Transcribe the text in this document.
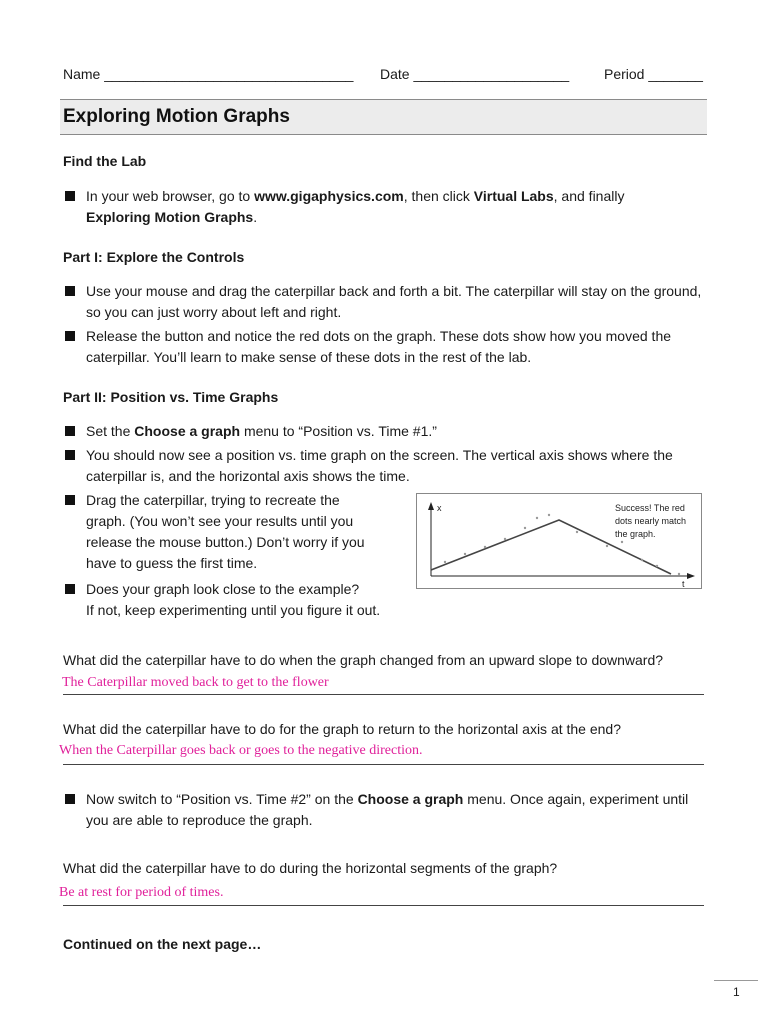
Name ________________________________ Date ____________________ Period _______
Exploring Motion Graphs
Find the Lab
In your web browser, go to www.gigaphysics.com, then click Virtual Labs, and finally
Exploring Motion Graphs.
Part I: Explore the Controls
Use your mouse and drag the caterpillar back and forth a bit. The caterpillar will stay on the ground, so you can just worry about left and right.
Release the button and notice the red dots on the graph. These dots show how you moved the caterpillar. You’ll learn to make sense of these dots in the rest of the lab.
Part II: Position vs. Time Graphs
Set the Choose a graph menu to “Position vs. Time #1.”
You should now see a position vs. time graph on the screen. The vertical axis shows where the caterpillar is, and the horizontal axis shows the time.
Drag the caterpillar, trying to recreate the
graph. (You won’t see your results until you
release the mouse button.) Don’t worry if you
have to guess the first time.
Does your graph look close to the example?
If not, keep experimenting until you figure it out.
x
t
Success! The red
dots nearly match
the graph.
What did the caterpillar have to do when the graph changed from an upward slope to downward?
The Caterpillar moved back to get to the flower
What did the caterpillar have to do for the graph to return to the horizontal axis at the end?
When the Caterpillar goes back or goes to the negative direction.
Now switch to “Position vs. Time #2” on the Choose a graph menu. Once again, experiment until you are able to reproduce the graph.
What did the caterpillar have to do during the horizontal segments of the graph?
Be at rest for period of times.
Continued on the next page…
1
